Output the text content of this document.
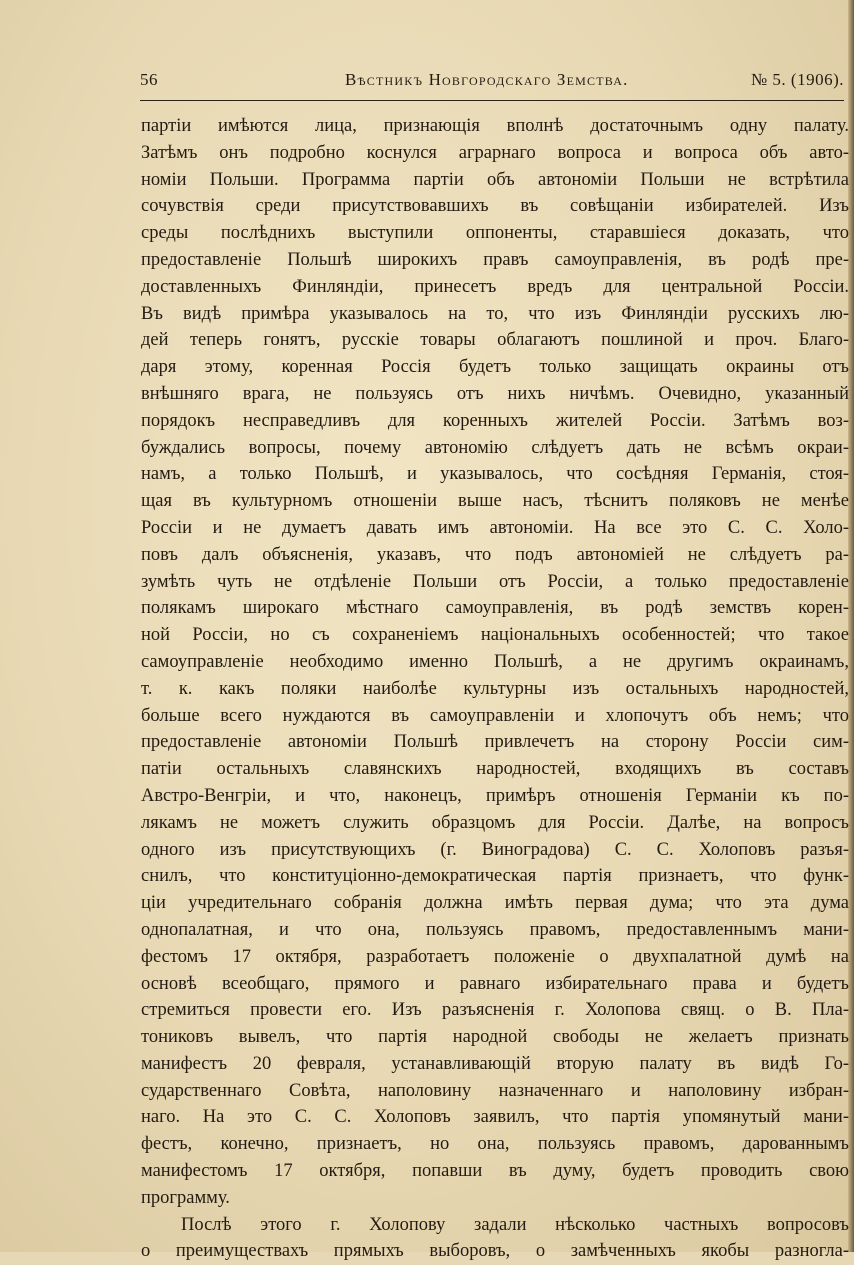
56	Вѣстникъ Новгородскаго Земства.	№ 5. (1906).
партіи имѣются лица, признающія вполнѣ достаточнымъ одну палату.
Затѣмъ онъ подробно коснулся аграрнаго вопроса и вопроса объ авто-
номіи Польши. Программа партіи объ автономіи Польши не встрѣтила
сочувствія среди присутствовавшихъ въ совѣщаніи избирателей. Изъ
среды послѣднихъ выступили оппоненты, старавшіеся доказать, что
предоставленіе Польшѣ широкихъ правъ самоуправленія, въ родѣ пре-
доставленныхъ Финляндіи, принесетъ вредъ для центральной Россіи.
Въ видѣ примѣра указывалось на то, что изъ Финляндіи русскихъ лю-
дей теперь гонятъ, русскіе товары облагаютъ пошлиной и проч. Благо-
даря этому, коренная Россія будетъ только защищать окраины отъ
внѣшняго врага, не пользуясь отъ нихъ ничѣмъ. Очевидно, указанный
порядокъ несправедливъ для коренныхъ жителей Россіи. Затѣмъ воз-
буждались вопросы, почему автономію слѣдуетъ дать не всѣмъ окраи-
намъ, а только Польшѣ, и указывалось, что сосѣдняя Германія, стоя-
щая въ культурномъ отношеніи выше насъ, тѣснитъ поляковъ не менѣе
Россіи и не думаетъ давать имъ автономіи. На все это С. С. Холо-
повъ далъ объясненія, указавъ, что подъ автономіей не слѣдуетъ ра-
зумѣть чуть не отдѣленіе Польши отъ Россіи, а только предоставленіе
полякамъ широкаго мѣстнаго самоуправленія, въ родѣ земствъ корен-
ной Россіи, но съ сохраненіемъ національныхъ особенностей; что такое
самоуправленіе необходимо именно Польшѣ, а не другимъ окраинамъ,
т. к. какъ поляки наиболѣе культурны изъ остальныхъ народностей,
больше всего нуждаются въ самоуправленіи и хлопочутъ объ немъ; что
предоставленіе автономіи Польшѣ привлечетъ на сторону Россіи сим-
патіи остальныхъ славянскихъ народностей, входящихъ въ составъ
Австро-Венгріи, и что, наконецъ, примѣръ отношенія Германіи къ по-
лякамъ не можетъ служить образцомъ для Россіи. Далѣе, на вопросъ
одного изъ присутствующихъ (г. Виноградова) С. С. Холоповъ разъя-
снилъ, что конституціонно-демократическая партія признаетъ, что функ-
ціи учредительнаго собранія должна имѣть первая дума; что эта дума
однопалатная, и что она, пользуясь правомъ, предоставленнымъ мани-
фестомъ 17 октября, разработаетъ положеніе о двухпалатной думѣ на
основѣ всеобщаго, прямого и равнаго избирательнаго права и будетъ
стремиться провести его. Изъ разъясненія г. Холопова свящ. о В. Пла-
тониковъ вывелъ, что партія народной свободы не желаетъ признать
манифестъ 20 февраля, устанавливающій вторую палату въ видѣ Го-
сударственнаго Совѣта, наполовину назначеннаго и наполовину избран-
наго. На это С. С. Холоповъ заявилъ, что партія упомянутый мани-
фестъ, конечно, признаетъ, но она, пользуясь правомъ, дарованнымъ
манифестомъ 17 октября, попавши въ думу, будетъ проводить свою
программу.
Послѣ этого г. Холопову задали нѣсколько частныхъ вопросовъ
о преимуществахъ прямыхъ выборовъ, о замѣченныхъ якобы разногла-
